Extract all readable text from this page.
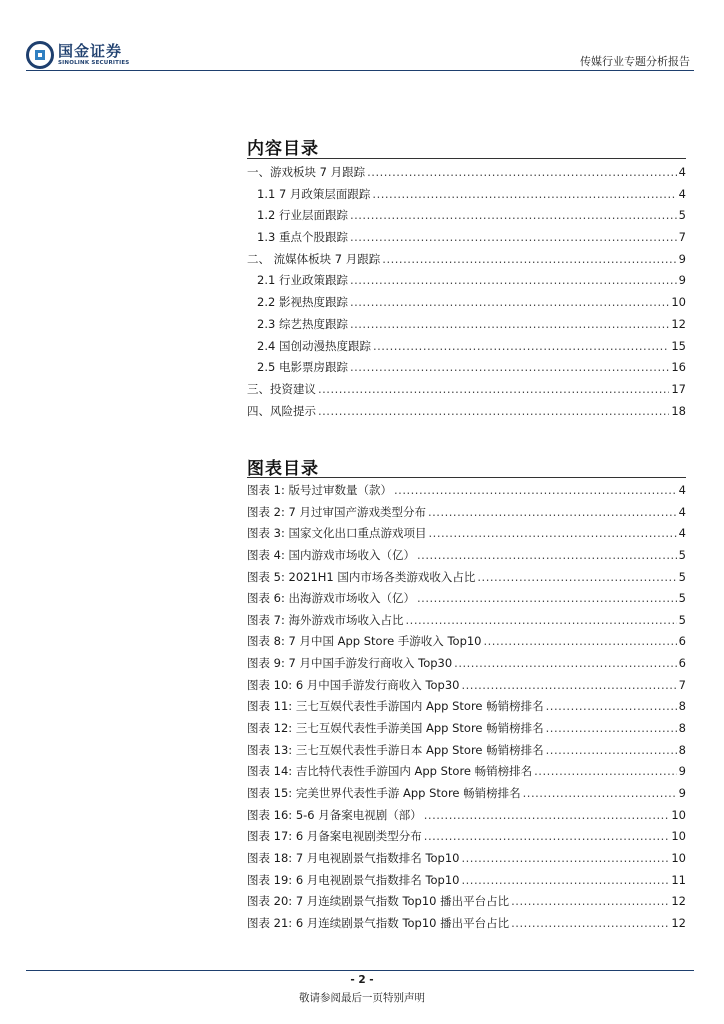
国金证券
SINOLINK SECURITIES	传媒行业专题分析报告
内容目录
一、游戏板块 7 月跟踪 .....	4
1.1 7 月政策层面跟踪 .....	4
1.2 行业层面跟踪 .....	5
1.3 重点个股跟踪 .....	7
二、 流媒体板块 7 月跟踪 .....	9
2.1 行业政策跟踪 .....	9
2.2 影视热度跟踪 .....	10
2.3 综艺热度跟踪 .....	12
2.4 国创动漫热度跟踪 .....	15
2.5 电影票房跟踪 .....	16
三、投资建议 .....	17
四、风险提示 .....	18
图表目录
图表 1: 版号过审数量（款） .....	4
图表 2: 7 月过审国产游戏类型分布 .....	4
图表 3: 国家文化出口重点游戏项目 .....	4
图表 4: 国内游戏市场收入（亿） .....	5
图表 5: 2021H1 国内市场各类游戏收入占比 .....	5
图表 6: 出海游戏市场收入（亿） .....	5
图表 7: 海外游戏市场收入占比 .....	5
图表 8: 7 月中国 App Store 手游收入 Top10 .....	6
图表 9: 7 月中国手游发行商收入 Top30 .....	6
图表 10: 6 月中国手游发行商收入 Top30 .....	7
图表 11: 三七互娱代表性手游国内 App Store 畅销榜排名 .....	8
图表 12: 三七互娱代表性手游美国 App Store 畅销榜排名 .....	8
图表 13: 三七互娱代表性手游日本 App Store 畅销榜排名 .....	8
图表 14: 吉比特代表性手游国内 App Store 畅销榜排名 .....	9
图表 15: 完美世界代表性手游 App Store 畅销榜排名 .....	9
图表 16: 5-6 月备案电视剧（部） .....	10
图表 17: 6 月备案电视剧类型分布 .....	10
图表 18: 7 月电视剧景气指数排名 Top10 .....	10
图表 19: 6 月电视剧景气指数排名 Top10 .....	11
图表 20: 7 月连续剧景气指数 Top10 播出平台占比 .....	12
图表 21: 6 月连续剧景气指数 Top10 播出平台占比 .....	12
- 2 -
敬请参阅最后一页特别声明
